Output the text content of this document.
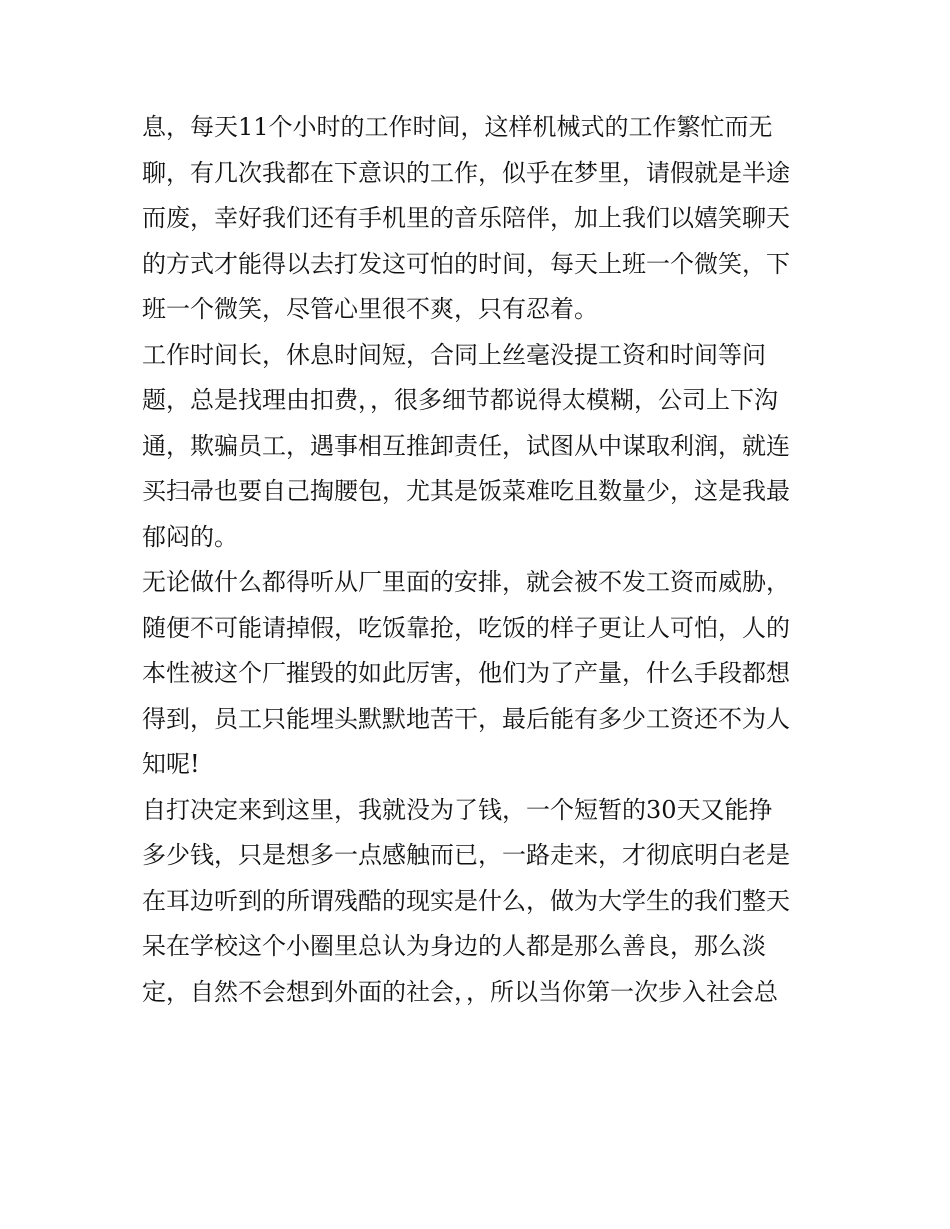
息，每天11个小时的工作时间，这样机械式的工作繁忙而无
聊，有几次我都在下意识的工作，似乎在梦里，请假就是半途
而废，幸好我们还有手机里的音乐陪伴，加上我们以嬉笑聊天
的方式才能得以去打发这可怕的时间，每天上班一个微笑，下
班一个微笑，尽管心里很不爽，只有忍着。

工作时间长，休息时间短，合同上丝毫没提工资和时间等问
题，总是找理由扣费，，很多细节都说得太模糊，公司上下沟
通，欺骗员工，遇事相互推卸责任，试图从中谋取利润，就连
买扫帚也要自己掏腰包，尤其是饭菜难吃且数量少，这是我最
郁闷的。

无论做什么都得听从厂里面的安排，就会被不发工资而威胁，
随便不可能请掉假，吃饭靠抢，吃饭的样子更让人可怕，人的
本性被这个厂摧毁的如此厉害，他们为了产量，什么手段都想
得到，员工只能埋头默默地苦干，最后能有多少工资还不为人
知呢!

自打决定来到这里，我就没为了钱，一个短暂的30天又能挣
多少钱，只是想多一点感触而已，一路走来，才彻底明白老是
在耳边听到的所谓残酷的现实是什么，做为大学生的我们整天
呆在学校这个小圈里总认为身边的人都是那么善良，那么淡
定，自然不会想到外面的社会，，所以当你第一次步入社会总
